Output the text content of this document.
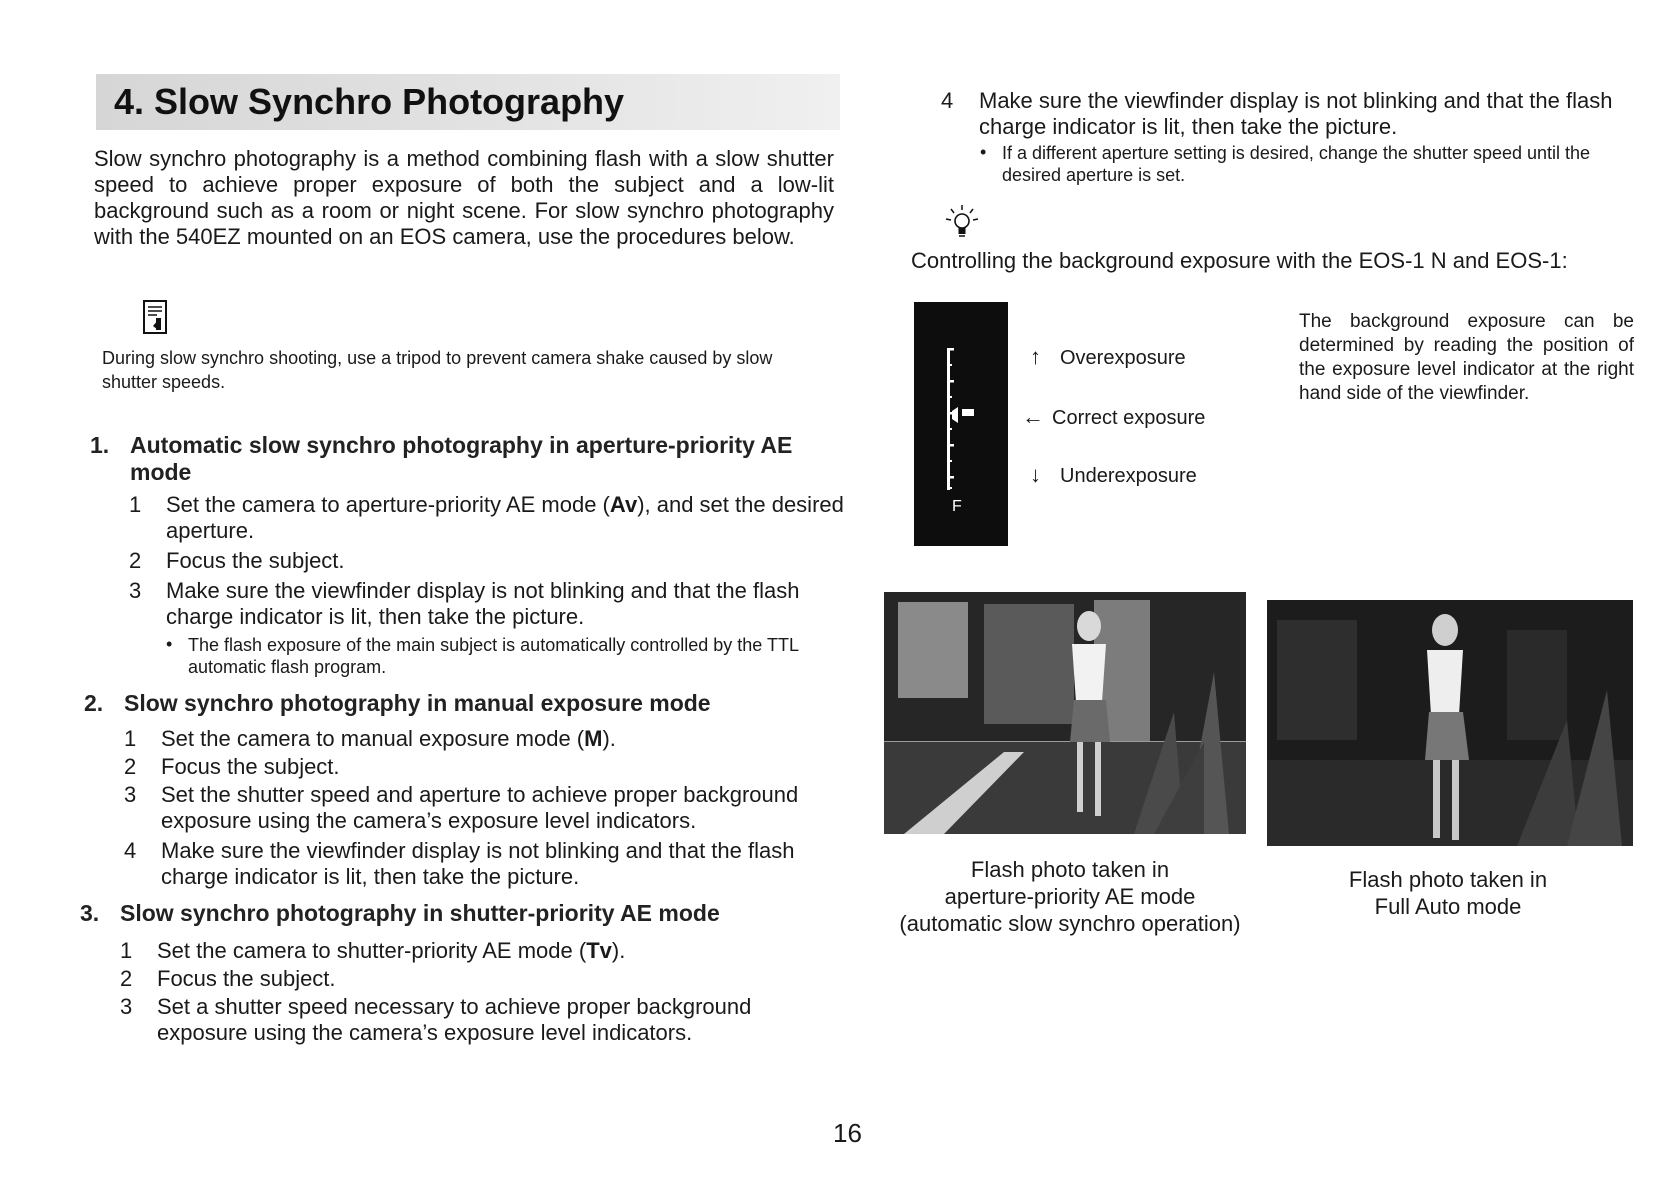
4. Slow Synchro Photography

Slow synchro photography is a method combining flash with a slow shutter speed to achieve proper exposure of both the subject and a low-lit background such as a room or night scene. For slow synchro photography with the 540EZ mounted on an EOS camera, use the procedures below.

During slow synchro shooting, use a tripod to prevent camera shake caused by slow shutter speeds.

1. Automatic slow synchro photography in aperture-priority AE mode
1	Set the camera to aperture-priority AE mode (Av), and set the desired aperture.

2	Focus the subject.

3	Make sure the viewfinder display is not blinking and that the flash charge indicator is lit, then take the picture.

• The flash exposure of the main subject is automatically controlled by the TTL automatic flash program.

2. Slow synchro photography in manual exposure mode
1	Set the camera to manual exposure mode (M).

2	Focus the subject.

3	Set the shutter speed and aperture to achieve proper background exposure using the camera’s exposure level indicators.

4	Make sure the viewfinder display is not blinking and that the flash charge indicator is lit, then take the picture.

3. Slow synchro photography in shutter-priority AE mode
1	Set the camera to shutter-priority AE mode (Tv).

2	Focus the subject.

3	Set a shutter speed necessary to achieve proper background exposure using the camera’s exposure level indicators.

16
4 Make sure the viewfinder display is not blinking and that the flash charge indicator is lit, then take the picture.

• If a different aperture setting is desired, change the shutter speed until the desired aperture is set.

Controlling the background exposure with the EOS-1 N and EOS-1:
F
↑ Overexposure
← Correct exposure
↓ Underexposure

The background exposure can be determined by reading the position of the exposure level indicator at the right hand side of the viewfinder.

Flash photo taken in
aperture-priority AE mode
(automatic slow synchro operation)
Flash photo taken in
Full Auto mode
